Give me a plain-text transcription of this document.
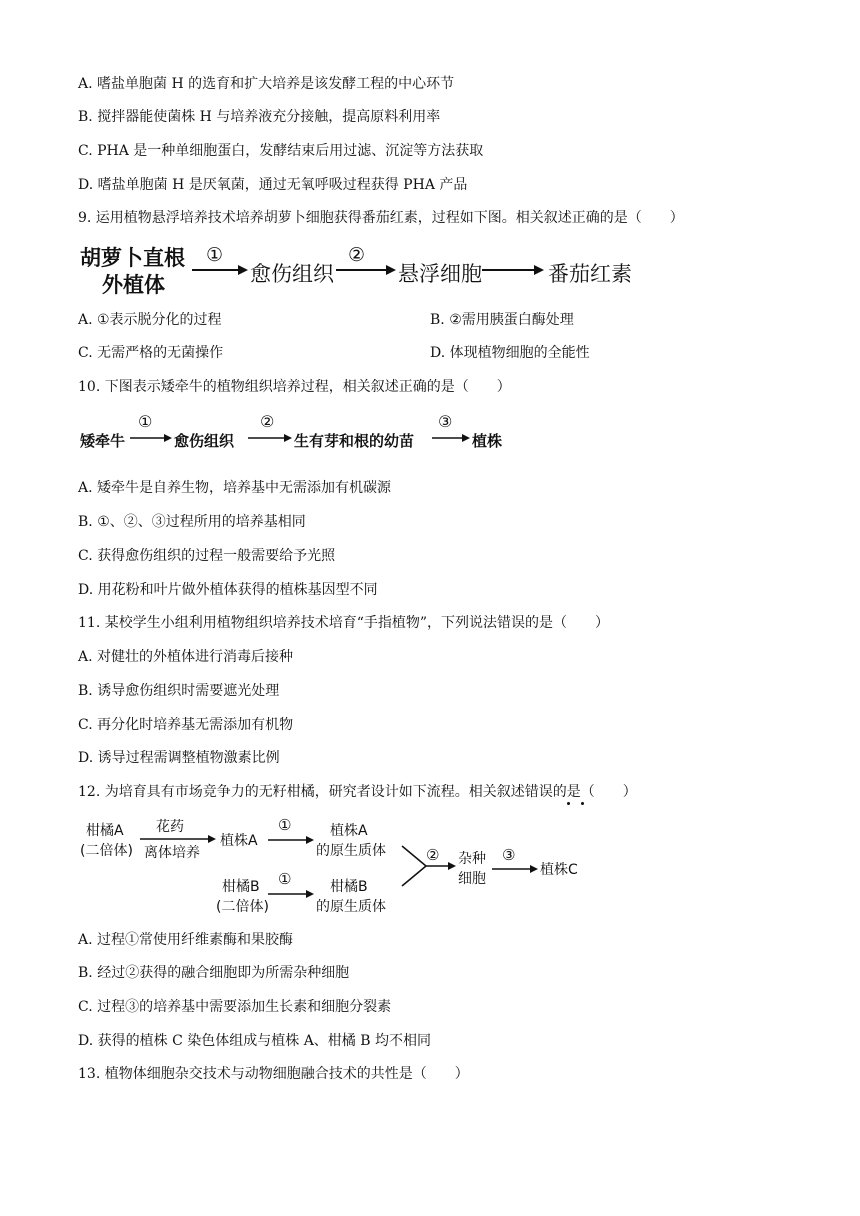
A. 嗜盐单胞菌 H 的选育和扩大培养是该发酵工程的中心环节
B. 搅拌器能使菌株 H 与培养液充分接触，提高原料利用率
C. PHA 是一种单细胞蛋白，发酵结束后用过滤、沉淀等方法获取
D. 嗜盐单胞菌 H 是厌氧菌，通过无氧呼吸过程获得 PHA 产品
9. 运用植物悬浮培养技术培养胡萝卜细胞获得番茄红素，过程如下图。相关叙述正确的是（　　）
胡萝卜直根
外植体
①
愈伤组织
②
悬浮细胞	番茄红素
A. ①表示脱分化的过程	B. ②需用胰蛋白酶处理
C. 无需严格的无菌操作	D. 体现植物细胞的全能性
10. 下图表示矮牵牛的植物组织培养过程，相关叙述正确的是（　　）
矮牵牛
①
愈伤组织
②
生有芽和根的幼苗
③
植株
A. 矮牵牛是自养生物，培养基中无需添加有机碳源
B. ①、②、③过程所用的培养基相同
C. 获得愈伤组织的过程一般需要给予光照
D. 用花粉和叶片做外植体获得的植株基因型不同
11. 某校学生小组利用植物组织培养技术培育“手指植物”，下列说法错误的是（　　）
A. 对健壮的外植体进行消毒后接种
B. 诱导愈伤组织时需要遮光处理
C. 再分化时培养基无需添加有机物
D. 诱导过程需调整植物激素比例
12. 为培育具有市场竞争力的无籽柑橘，研究者设计如下流程。相关叙述错误的是（　　）
柑橘A
(二倍体)
花药
离体培养
植株A
①	植株A
的原生质体
柑橘B
(二倍体)
①	柑橘B
的原生质体
② 杂种
细胞
③
植株C
A. 过程①常使用纤维素酶和果胶酶
B. 经过②获得的融合细胞即为所需杂种细胞
C. 过程③的培养基中需要添加生长素和细胞分裂素
D. 获得的植株 C 染色体组成与植株 A、柑橘 B 均不相同
13. 植物体细胞杂交技术与动物细胞融合技术的共性是（　　）
